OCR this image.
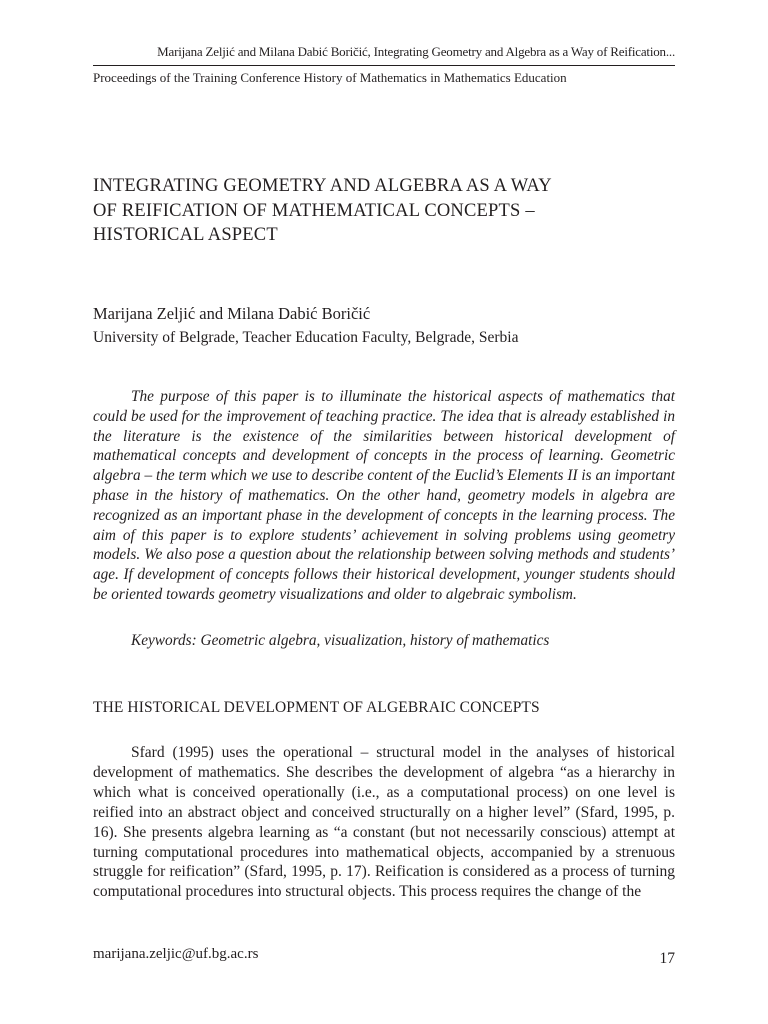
Marijana Zeljić and Milana Dabić Boričić, Integrating Geometry and Algebra as a Way of Reification...
Proceedings of the Training Conference History of Mathematics in Mathematics Education
INTEGRATING GEOMETRY AND ALGEBRA AS A WAY
OF REIFICATION OF MATHEMATICAL CONCEPTS –
HISTORICAL ASPECT
Marijana Zeljić and Milana Dabić Boričić
University of Belgrade, Teacher Education Faculty, Belgrade, Serbia

The purpose of this paper is to illuminate the historical aspects of mathematics that could be used for the improvement of teaching practice. The idea that is already established in the literature is the existence of the similarities between historical development of mathematical concepts and development of concepts in the process of learning. Geometric algebra – the term which we use to describe content of the Euclid’s Elements II is an important phase in the history of mathematics. On the other hand, geometry models in algebra are recognized as an important phase in the development of concepts in the learning process. The aim of this paper is to explore students’ achievement in solving problems using geometry models. We also pose a question about the relationship between solving methods and students’ age. If development of concepts follows their historical development, younger students should be oriented towards geometry visualizations and older to algebraic symbolism.

Keywords: Geometric algebra, visualization, history of mathematics
THE HISTORICAL DEVELOPMENT OF ALGEBRAIC CONCEPTS

Sfard (1995) uses the operational – structural model in the analyses of historical development of mathematics. She describes the development of algebra “as a hierarchy in which what is conceived operationally (i.e., as a computational process) on one level is reified into an abstract object and conceived structurally on a higher level” (Sfard, 1995, p. 16). She presents algebra learning as “a constant (but not necessarily conscious) attempt at turning computational procedures into mathematical objects, accompanied by a strenuous struggle for reification” (Sfard, 1995, p. 17). Reification is considered as a process of turning computational procedures into structural objects. This process requires the change of the

marijana.zeljic@uf.bg.ac.rs	17
